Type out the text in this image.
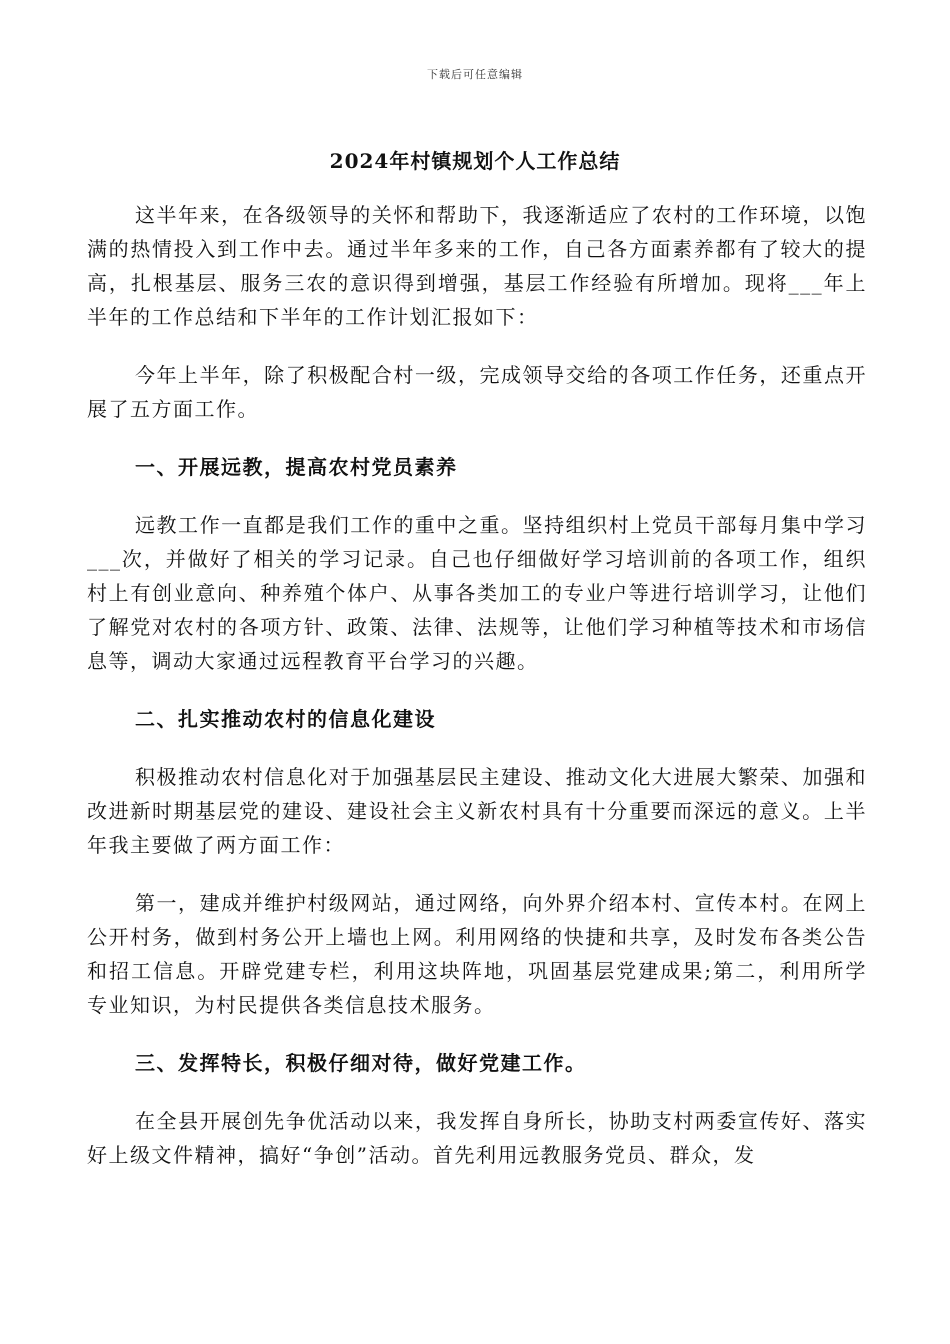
下载后可任意编辑
2024年村镇规划个人工作总结

这半年来，在各级领导的关怀和帮助下，我逐渐适应了农村的工作环境，以饱满的热情投入到工作中去。通过半年多来的工作，自己各方面素养都有了较大的提高，扎根基层、服务三农的意识得到增强，基层工作经验有所增加。现将___年上半年的工作总结和下半年的工作计划汇报如下：

今年上半年，除了积极配合村一级，完成领导交给的各项工作任务，还重点开展了五方面工作。

一、开展远教，提高农村党员素养

远教工作一直都是我们工作的重中之重。坚持组织村上党员干部每月集中学习___次，并做好了相关的学习记录。自己也仔细做好学习培训前的各项工作，组织村上有创业意向、种养殖个体户、从事各类加工的专业户等进行培训学习，让他们了解党对农村的各项方针、政策、法律、法规等，让他们学习种植等技术和市场信息等，调动大家通过远程教育平台学习的兴趣。

二、扎实推动农村的信息化建设

积极推动农村信息化对于加强基层民主建设、推动文化大进展大繁荣、加强和改进新时期基层党的建设、建设社会主义新农村具有十分重要而深远的意义。上半年我主要做了两方面工作：

第一，建成并维护村级网站，通过网络，向外界介绍本村、宣传本村。在网上公开村务，做到村务公开上墙也上网。利用网络的快捷和共享，及时发布各类公告和招工信息。开辟党建专栏，利用这块阵地，巩固基层党建成果;第二，利用所学专业知识，为村民提供各类信息技术服务。

三、发挥特长，积极仔细对待，做好党建工作。

在全县开展创先争优活动以来，我发挥自身所长，协助支村两委宣传好、落实好上级文件精神，搞好“争创”活动。首先利用远教服务党员、群众，发
